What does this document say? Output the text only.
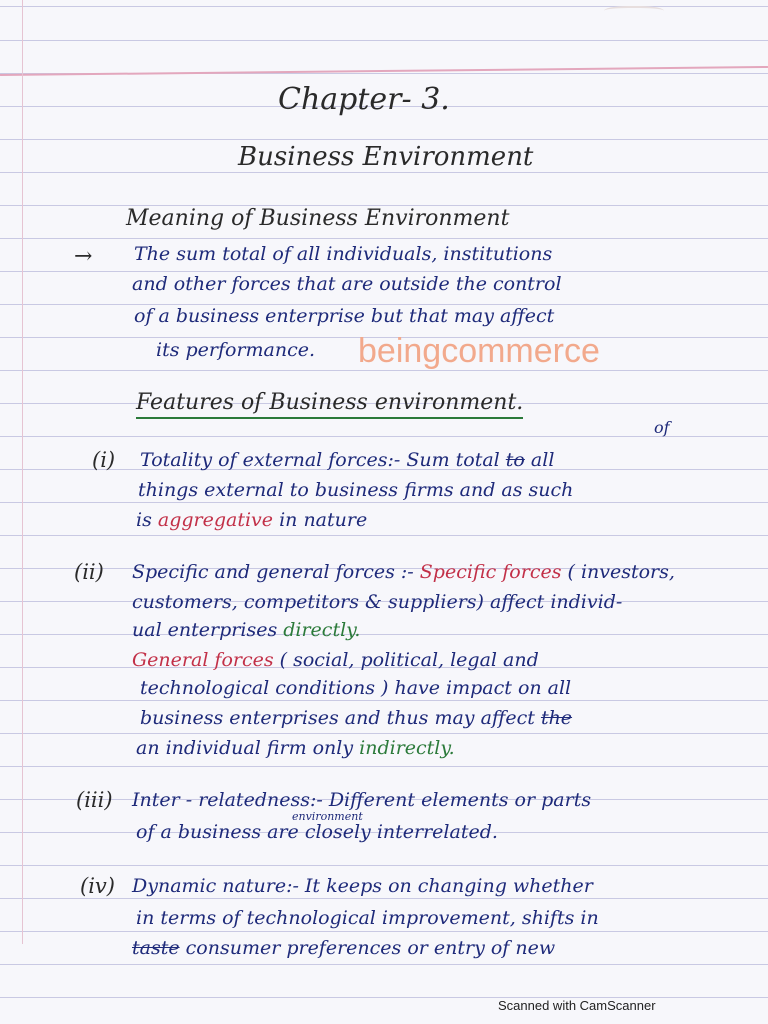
Chapter- 3.
Business Environment
Meaning of Business Environment
→ The sum total of all individuals, institutions
and other forces that are outside the control
of a business enterprise but that may affect
its performance.	beingcommerce
Features of Business environment.
(i)
of
Totality of external forces:- Sum total to all
things external to business firms and as such
is aggregative in nature
(ii) Specific and general forces :- Specific forces ( investors,
customers, competitors & suppliers) affect individ-
ual enterprises directly.
General forces ( social, political, legal and
technological conditions ) have impact on all
business enterprises and thus may affect the
an individual firm only indirectly.
(iii) Inter - relatedness:- Different elements or parts
environment
of a business are closely interrelated.
(iv) Dynamic nature:- It keeps on changing whether
in terms of technological improvement, shifts in
taste consumer preferences or entry of new
Scanned with CamScanner
